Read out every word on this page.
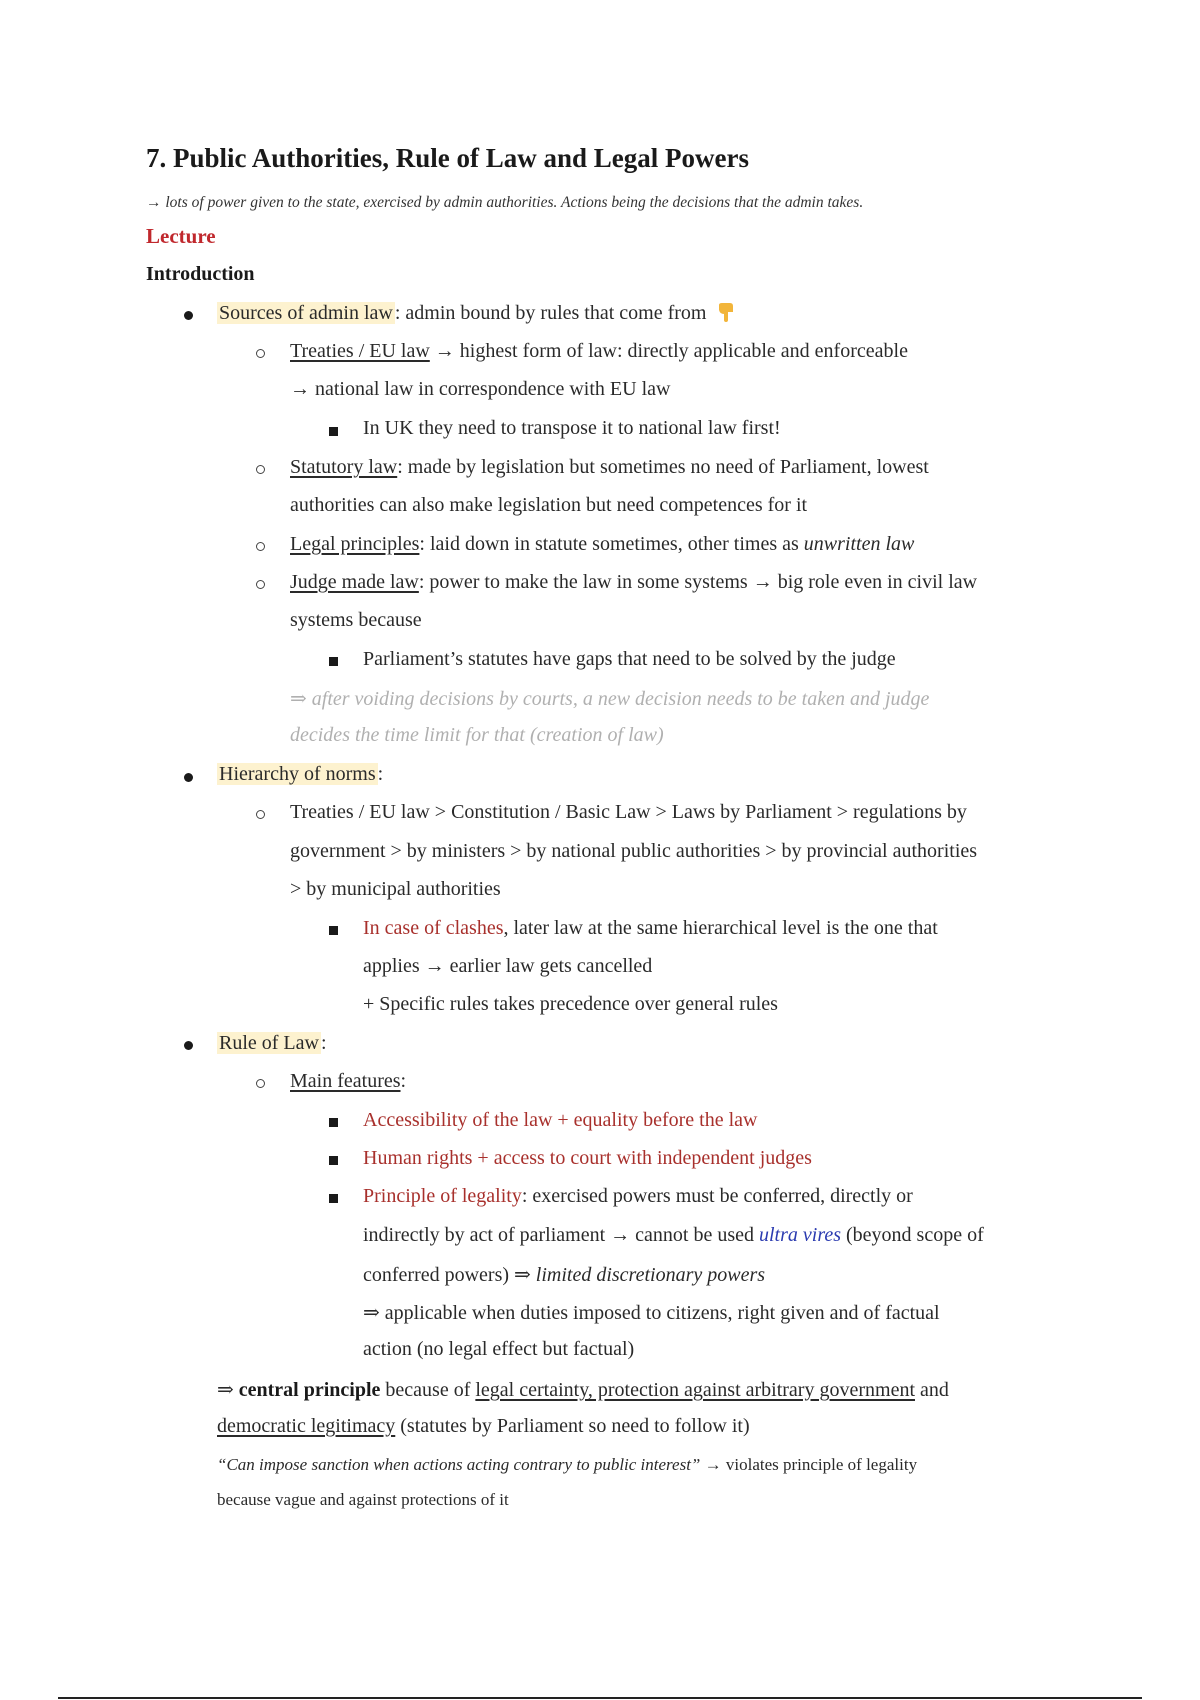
7. Public Authorities, Rule of Law and Legal Powers
→ lots of power given to the state, exercised by admin authorities. Actions being the decisions that the admin takes.
Lecture
Introduction
Sources of admin law : admin bound by rules that come from
Treaties / EU law → highest form of law: directly applicable and enforceable
→ national law in correspondence with EU law
In UK they need to transpose it to national law first!
Statutory law: made by legislation but sometimes no need of Parliament, lowest
authorities can also make legislation but need competences for it
Legal principles: laid down in statute sometimes, other times as unwritten law
Judge made law: power to make the law in some systems → big role even in civil law
systems because
Parliament’s statutes have gaps that need to be solved by the judge
⇒ after voiding decisions by courts, a new decision needs to be taken and judge
decides the time limit for that (creation of law)
Hierarchy of norms :
Treaties / EU law > Constitution / Basic Law > Laws by Parliament > regulations by
government > by ministers > by national public authorities > by provincial authorities
> by municipal authorities
In case of clashes, later law at the same hierarchical level is the one that
applies → earlier law gets cancelled
+ Specific rules takes precedence over general rules
Rule of Law :
Main features:
Accessibility of the law + equality before the law
Human rights + access to court with independent judges
Principle of legality: exercised powers must be conferred, directly or
indirectly by act of parliament → cannot be used ultra vires (beyond scope of
conferred powers) ⇒ limited discretionary powers
⇒ applicable when duties imposed to citizens, right given and of factual
action (no legal effect but factual)
⇒ central principle because of legal certainty, protection against arbitrary government and
democratic legitimacy (statutes by Parliament so need to follow it)
“Can impose sanction when actions acting contrary to public interest” → violates principle of legality
because vague and against protections of it
